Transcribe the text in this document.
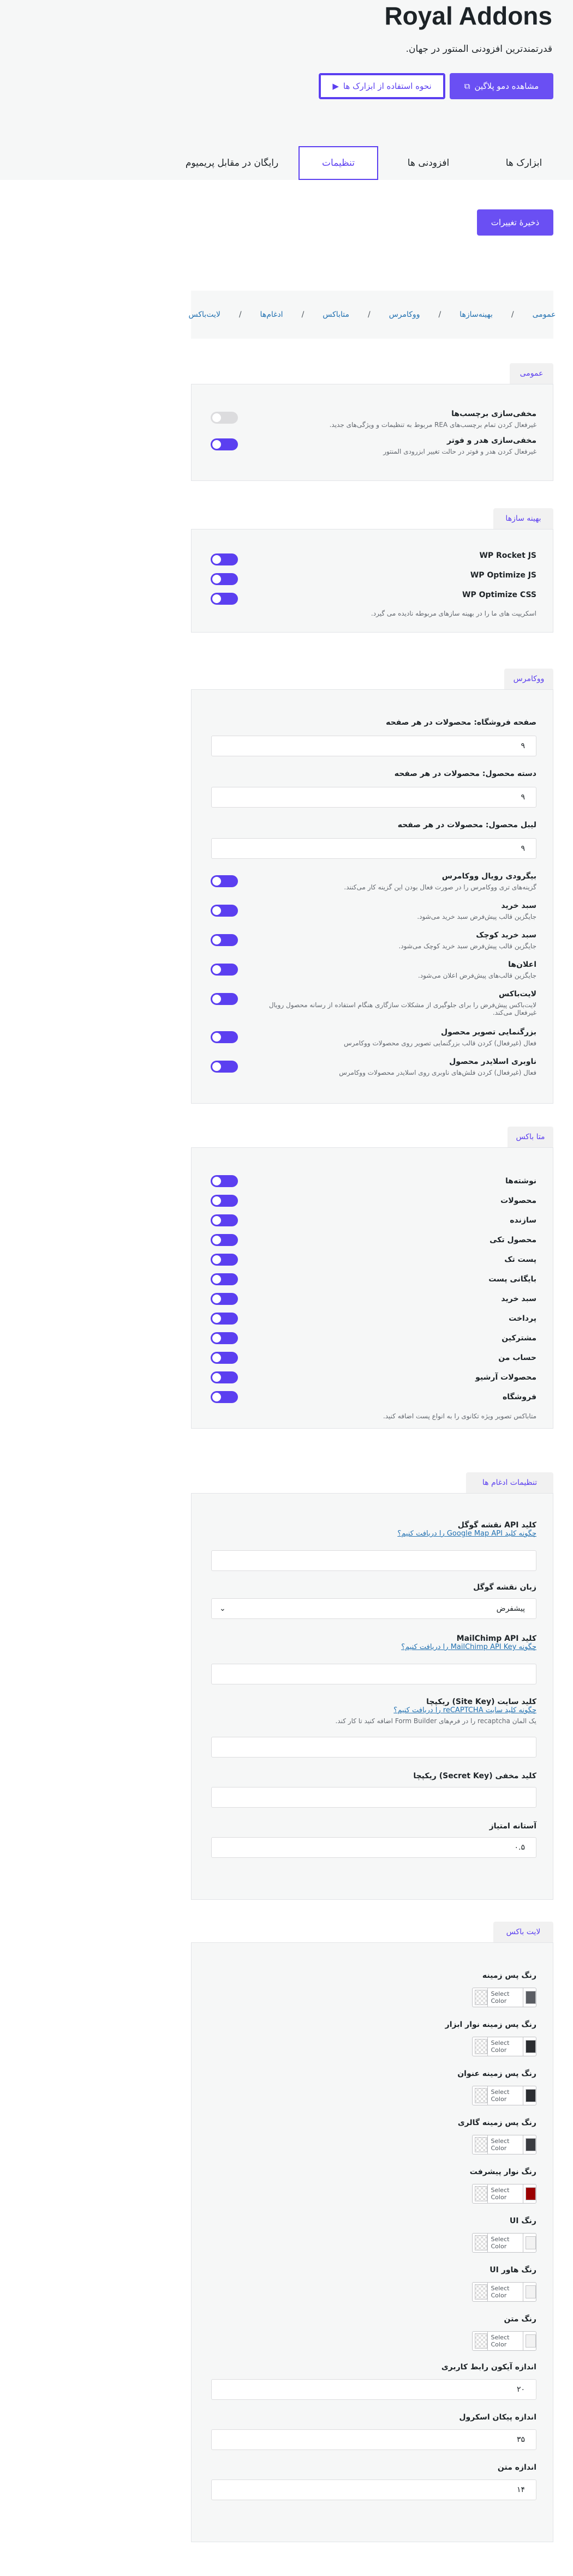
Royal Addons
قدرتمندترین افزودنی المنتور در جهان.
مشاهده دمو پلاگین
⧉
نحوه استفاده از ابزارک ها
▶
ابزارک ها
افزودنی ها
تنظیمات
رایگان در مقابل پریمیوم
ذخیرهٔ تغییرات
عمومی
/
بهینه‌سازها
/
ووکامرس
/
متاباکس
/
ادغام‌ها
/
لایت‌باکس
عمومی
مخفی‌سازی برچسب‌ها
غیرفعال کردن تمام برچسب‌های REA مربوط به تنظیمات و ویژگی‌های جدید.
مخفی‌سازی هدر و فوتر
غیرفعال کردن هدر و فوتر در حالت تغییر ابزرودی المنتور
بهینه سازها
WP Rocket JS
WP Optimize JS
WP Optimize CSS
اسکریپت های ما را در بهینه سازهای مربوطه نادیده می گیرد.
ووکامرس
صفحه فروشگاه: محصولات در هر صفحه
۹
دسته محصول: محصولات در هر صفحه
۹
لیبل محصول: محصولات در هر صفحه
۹
بیگرودی رویال ووکامرس
گزینه‌های تری ووکامرس را در صورت فعال بودن این گزینه کار می‌کنند.
سبد خرید
جایگزین قالب پیش‌فرض سبد خرید می‌شود.
سبد خرید کوچک
جایگزین قالب پیش‌فرض سبد خرید کوچک می‌شود.
اعلان‌ها
جایگزین قالب‌های پیش‌فرض اعلان می‌شود.
لایت‌باکس
لایت‌باکس پیش‌فرض را برای جلوگیری از مشکلات سازگاری هنگام استفاده از رسانه محصول رویال غیرفعال می‌کند.
بزرگنمایی تصویر محصول
فعال (غیرفعال) کردن قالب بزرگنمایی تصویر روی محصولات ووکامرس
ناوبری اسلایدر محصول
فعال (غیرفعال) کردن فلش‌های ناوبری روی اسلایدر محصولات ووکامرس
متا باکس
نوشته‌ها
محصولات
سازنده
محصول تکی
پست تک
بایگانی پست
سبد خرید
پرداخت
مشترکین
حساب من
محصولات آرشیو
فروشگاه
متاباکس تصویر ویژه تکانوی را به انواع پست اضافه کنید.
تنظیمات ادغام ها
کلید API نقشه گوگل
چگونه کلید Google Map API را دریافت کنیم؟
زبان نقشه گوگل
پیشفرض
⌄
کلید MailChimp API
چگونه MailChimp API Key را دریافت کنیم؟
کلید سایت (Site Key) ریکپچا
چگونه کلید سایت reCAPTCHA را دریافت کنیم؟
یک المان recaptcha را در فرم‌های Form Builder اضافه کنید تا کار کند.
کلید مخفی (Secret Key) ریکپچا
آستانه امتیاز
۰.۵
لایت باکس
رنگ پس زمینه
Select Color
رنگ پس زمینه نوار ابزار
Select Color
رنگ پس زمینه عنوان
Select Color
رنگ پس زمینه گالری
Select Color
رنگ نوار پیشرفت
Select Color
رنگ UI
Select Color
رنگ هاور UI
Select Color
رنگ متن
Select Color
اندازه آیکون رابط کاربری
۲۰
اندازه پیکان اسکرول
۳۵
اندازه متن
۱۴
